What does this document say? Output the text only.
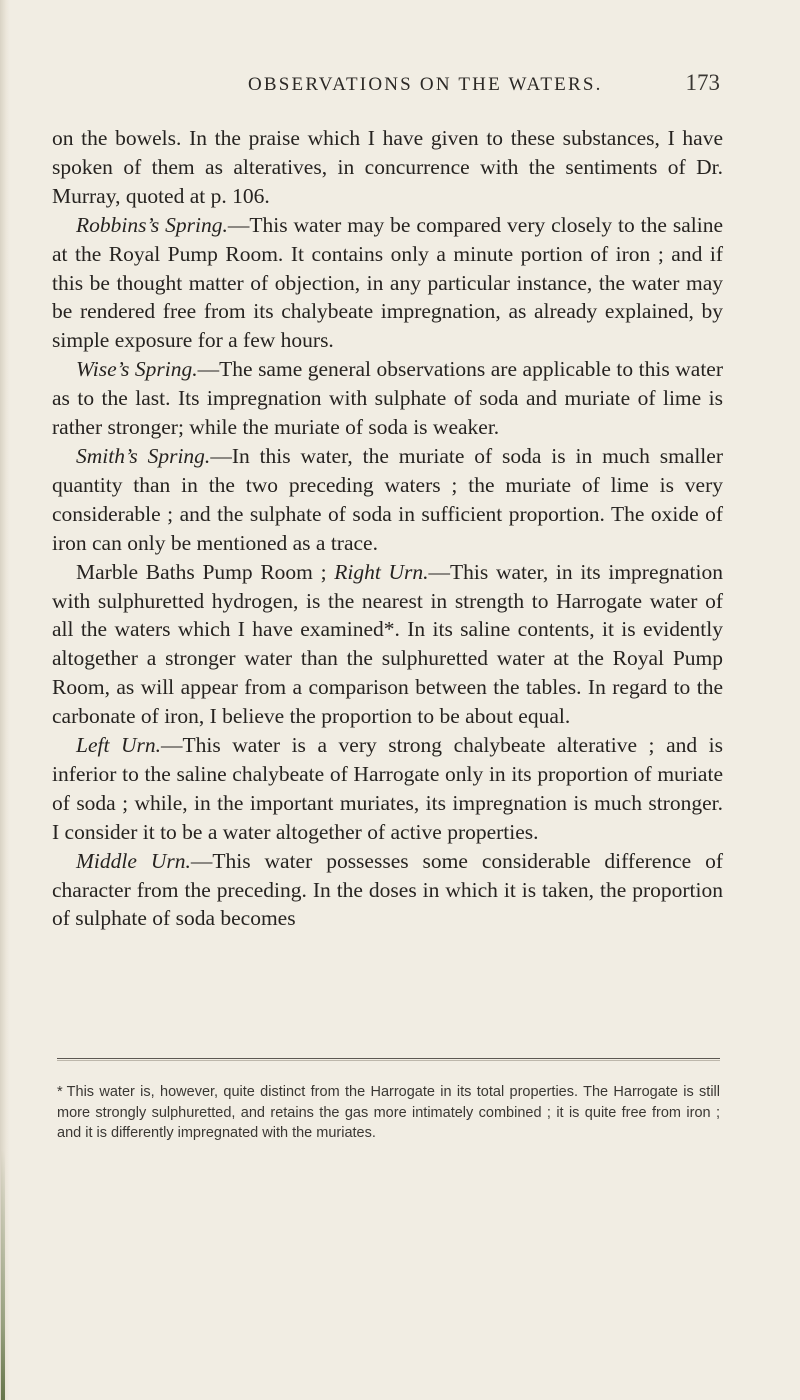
OBSERVATIONS ON THE WATERS.	173

on the bowels. In the praise which I have given to these substances, I have spoken of them as alteratives, in concurrence with the sentiments of Dr. Murray, quoted at p. 106.

Robbins’s Spring.—This water may be compared very closely to the saline at the Royal Pump Room. It contains only a minute portion of iron ; and if this be thought matter of objection, in any particular instance, the water may be rendered free from its chalybeate impregnation, as already explained, by simple exposure for a few hours.

Wise’s Spring.—The same general observations are applicable to this water as to the last. Its impregnation with sulphate of soda and muriate of lime is rather stronger; while the muriate of soda is weaker.

Smith’s Spring.—In this water, the muriate of soda is in much smaller quantity than in the two preceding waters ; the muriate of lime is very considerable ; and the sulphate of soda in sufficient proportion. The oxide of iron can only be mentioned as a trace.

Marble Baths Pump Room ; Right Urn.—This water, in its impregnation with sulphuretted hydrogen, is the nearest in strength to Harrogate water of all the waters which I have examined*. In its saline contents, it is evidently altogether a stronger water than the sulphuretted water at the Royal Pump Room, as will appear from a comparison between the tables. In regard to the carbonate of iron, I believe the proportion to be about equal.

Left Urn.—This water is a very strong chalybeate alterative ; and is inferior to the saline chalybeate of Harrogate only in its proportion of muriate of soda ; while, in the important muriates, its impregnation is much stronger. I consider it to be a water altogether of active properties.

Middle Urn.—This water possesses some considerable difference of character from the preceding. In the doses in which it is taken, the proportion of sulphate of soda becomes

* This water is, however, quite distinct from the Harrogate in its total properties. The Harrogate is still more strongly sulphuretted, and retains the gas more intimately combined ; it is quite free from iron ; and it is differently impregnated with the muriates.
